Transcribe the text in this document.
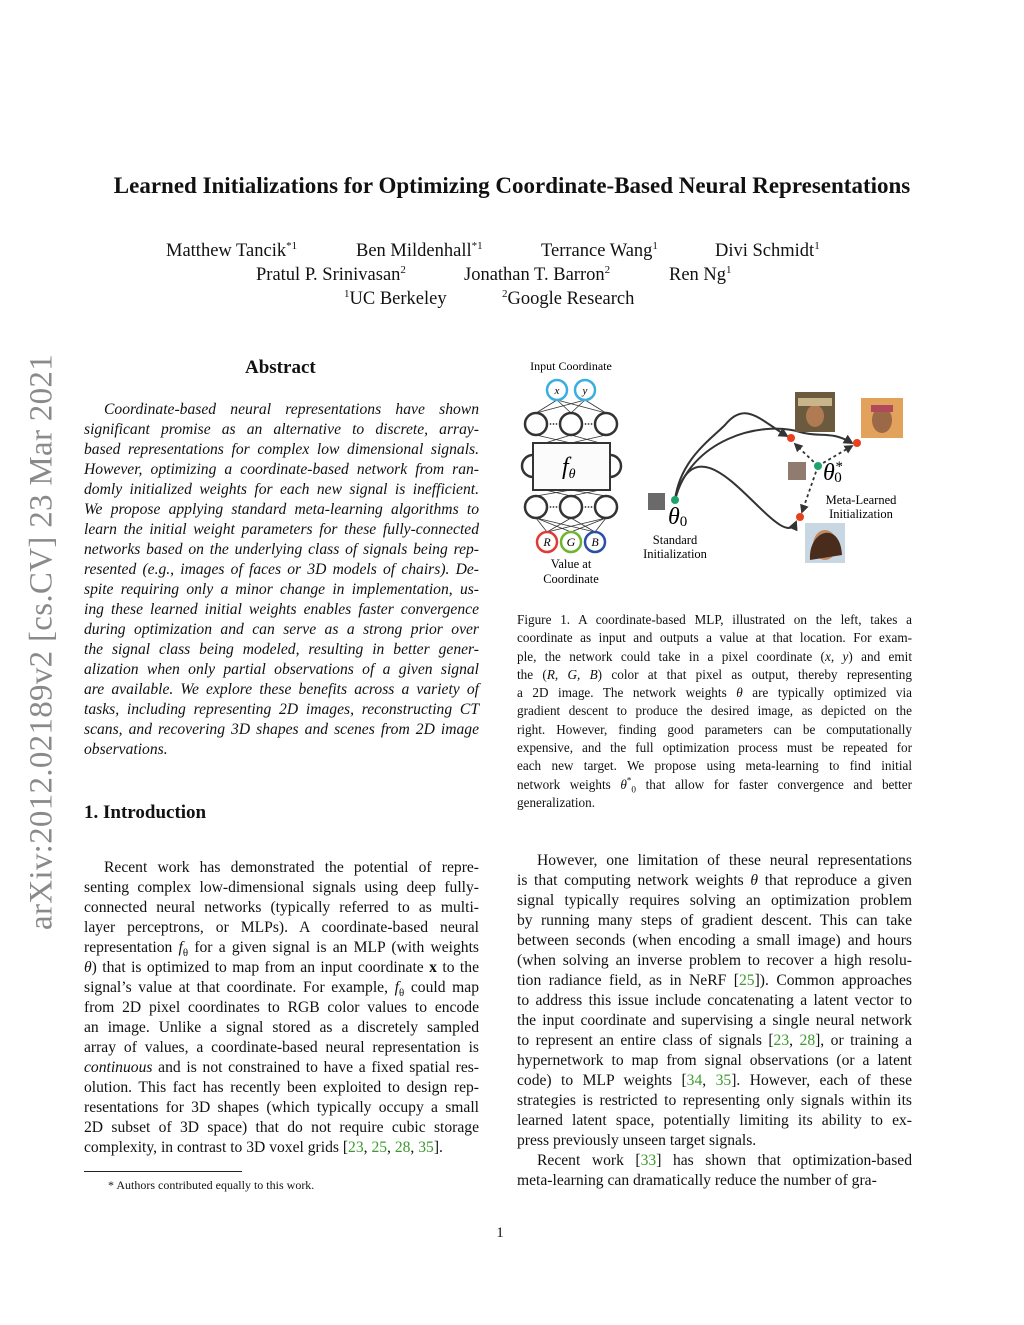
arXiv:2012.02189v2 [cs.CV] 23 Mar 2021
Learned Initializations for Optimizing Coordinate-Based Neural Representations
Matthew Tancik$^{*1}$	Ben Mildenhall$^{*1}$	Terrance Wang$^1$	Divi Schmidt$^1$
Pratul P. Srinivasan$^2$	Jonathan T. Barron$^2$	Ren Ng$^1$
$^1$UC Berkeley	$^2$Google Research
Abstract
Coordinate-based neural representations have shown
significant promise as an alternative to discrete, array-
based representations for complex low dimensional signals.
However, optimizing a coordinate-based network from ran-
domly initialized weights for each new signal is inefficient.
We propose applying standard meta-learning algorithms to
learn the initial weight parameters for these fully-connected
networks based on the underlying class of signals being rep-
resented (e.g., images of faces or 3D models of chairs). De-
spite requiring only a minor change in implementation, us-
ing these learned initial weights enables faster convergence
during optimization and can serve as a strong prior over
the signal class being modeled, resulting in better gener-
alization when only partial observations of a given signal
are available. We explore these benefits across a variety of
tasks, including representing 2D images, reconstructing CT
scans, and recovering 3D shapes and scenes from 2D image
observations.
1. Introduction
Recent work has demonstrated the potential of repre-
senting complex low-dimensional signals using deep fully-
connected neural networks (typically referred to as multi-
layer perceptrons, or MLPs). A coordinate-based neural
representation $f_\theta$ for a given signal is an MLP (with weights
θ) that is optimized to map from an input coordinate x to the
signal’s value at that coordinate. For example, $f_\theta$ could map
from 2D pixel coordinates to RGB color values to encode
an image. Unlike a signal stored as a discretely sampled
array of values, a coordinate-based neural representation is
continuous and is not constrained to have a fixed spatial res-
olution. This fact has recently been exploited to design rep-
resentations for 3D shapes (which typically occupy a small
2D subset of 3D space) that do not require cubic storage
complexity, in contrast to 3D voxel grids [23, 25, 28, 35].
However, one limitation of these neural representations
is that computing network weights θ that reproduce a given
signal typically requires solving an optimization problem
by running many steps of gradient descent. This can take
between seconds (when encoding a small image) and hours
(when solving an inverse problem to recover a high resolu-
tion radiance field, as in NeRF [25]). Common approaches
to address this issue include concatenating a latent vector to
the input coordinate and supervising a single neural network
to represent an entire class of signals [23, 28], or training a
hypernetwork to map from signal observations (or a latent
code) to MLP weights [34, 35]. However, each of these
strategies is restricted to representing only signals within its
learned latent space, potentially limiting its ability to ex-
press previously unseen target signals.
Recent work [33] has shown that optimization-based
meta-learning can dramatically reduce the number of gra-
Input Coordinate
x y
fθ
R G B
Value at
Coordinate
θ0
Standard
Initialization
θ* 0
Meta-Learned
Initialization
Figure 1. A coordinate-based MLP, illustrated on the left, takes a
coordinate as input and outputs a value at that location. For exam-
ple, the network could take in a pixel coordinate (x, y) and emit
the (R, G, B) color at that pixel as output, thereby representing
a 2D image. The network weights θ are typically optimized via
gradient descent to produce the desired image, as depicted on the
right. However, finding good parameters can be computationally
expensive, and the full optimization process must be repeated for
each new target. We propose using meta-learning to find initial
network weights $\theta^*_0$ that allow for faster convergence and better
generalization.
* Authors contributed equally to this work.
1
